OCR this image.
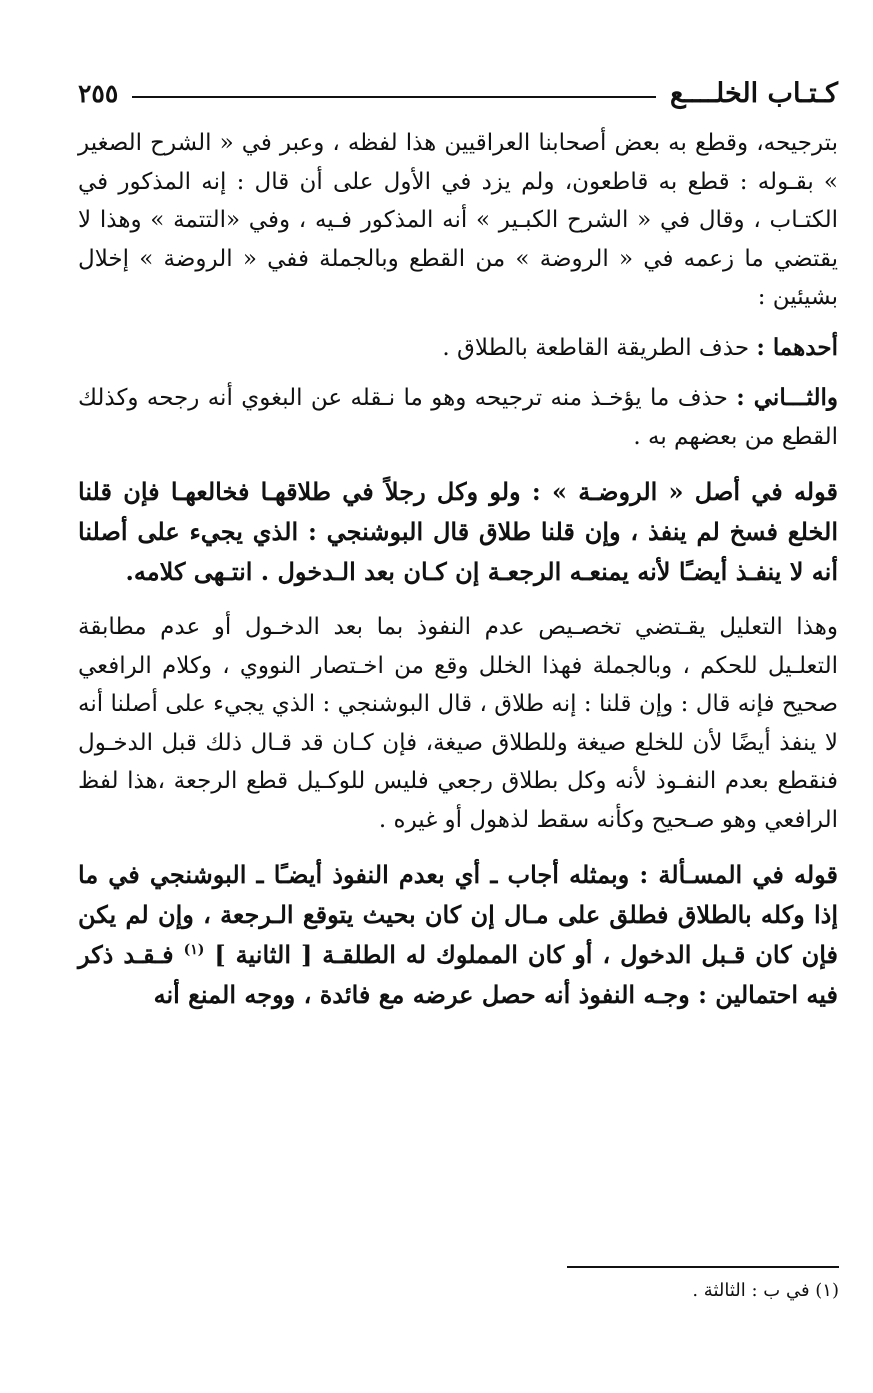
كـتـاب الخلــــع
٢٥٥

بترجيحه، وقطع به بعض أصحابنا العراقيين هذا لفظه ، وعبر في « الشرح الصغير » بقـوله : قطع به قاطعون، ولم يزد في الأول على أن قال : إنه المذكور في الكتـاب ، وقال في « الشرح الكبـير » أنه المذكور فـيه ، وفي «التتمة » وهذا لا يقتضي ما زعمه في « الروضة » من القطع وبالجملة ففي « الروضة » إخلال بشيئين :

أحدهما : حذف الطريقة القاطعة بالطلاق .

والثـــاني : حذف ما يؤخـذ منه ترجيحه وهو ما نـقله عن البغوي أنه رجحه وكذلك القطع من بعضهم به .

قوله في أصل « الروضـة » : ولو وكل رجلاً في طلاقهـا فخالعهـا فإن قلنا الخلع فسخ لم ينفذ ، وإن قلنا طلاق قال البوشنجي : الذي يجيء على أصلنا أنه لا ينفـذ أيضـًا لأنه يمنعـه الرجعـة إن كـان بعد الـدخول . انتـهى كلامه.

وهذا التعليل يقـتضي تخصـيص عدم النفوذ بما بعد الدخـول أو عدم مطابقة التعلـيل للحكم ، وبالجملة فهذا الخلل وقع من اخـتصار النووي ، وكلام الرافعي صحيح فإنه قال : وإن قلنا : إنه طلاق ، قال البوشنجي : الذي يجيء على أصلنا أنه لا ينفذ أيضًا لأن للخلع صيغة وللطلاق صيغة، فإن كـان قد قـال ذلك قبل الدخـول فنقطع بعدم النفـوذ لأنه وكل بطلاق رجعي فليس للوكـيل قطع الرجعة ،هذا لفظ الرافعي وهو صـحيح وكأنه سقط لذهول أو غيره .

قوله في المسـألة : وبمثله أجاب ـ أي بعدم النفوذ أيضـًا ـ البوشنجي في ما إذا وكله بالطلاق فطلق على مـال إن كان بحيث يتوقع الـرجعة ، وإن لم يكن فإن كان قـبل الدخول ، أو كان المملوك له الطلقـة [ الثانية ] $^{(١)}$ فـقـد ذكر فيه احتمالين : وجـه النفوذ أنه حصل عرضه مع فائدة ، ووجه المنع أنه

(١) في ب : الثالثة .
